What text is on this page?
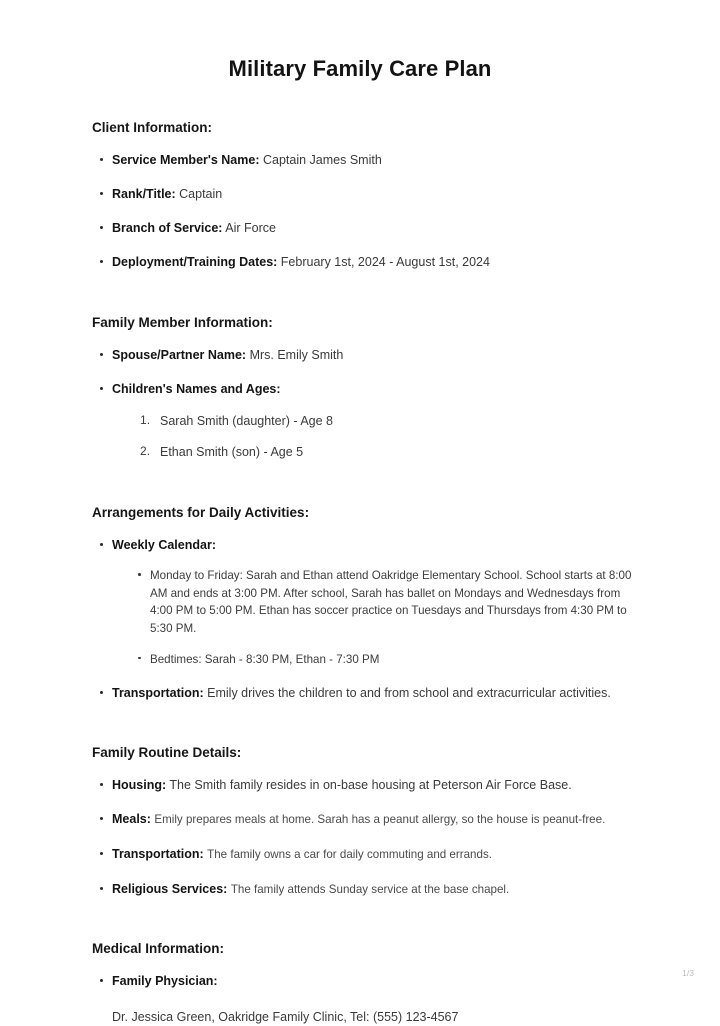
Military Family Care Plan
Client Information:
Service Member's Name: Captain James Smith
Rank/Title: Captain
Branch of Service: Air Force
Deployment/Training Dates: February 1st, 2024 - August 1st, 2024
Family Member Information:
Spouse/Partner Name: Mrs. Emily Smith
Children's Names and Ages:
Sarah Smith (daughter) - Age 8
Ethan Smith (son) - Age 5
Arrangements for Daily Activities:
Weekly Calendar:
Monday to Friday: Sarah and Ethan attend Oakridge Elementary School. School starts at 8:00 AM and ends at 3:00 PM. After school, Sarah has ballet on Mondays and Wednesdays from 4:00 PM to 5:00 PM. Ethan has soccer practice on Tuesdays and Thursdays from 4:30 PM to 5:30 PM.
Bedtimes: Sarah - 8:30 PM, Ethan - 7:30 PM
Transportation: Emily drives the children to and from school and extracurricular activities.
Family Routine Details:
Housing: The Smith family resides in on-base housing at Peterson Air Force Base.
Meals: Emily prepares meals at home. Sarah has a peanut allergy, so the house is peanut-free.
Transportation: The family owns a car for daily commuting and errands.
Religious Services: The family attends Sunday service at the base chapel.
Medical Information:
Family Physician:
Dr. Jessica Green, Oakridge Family Clinic, Tel: (555) 123-4567
1/3
